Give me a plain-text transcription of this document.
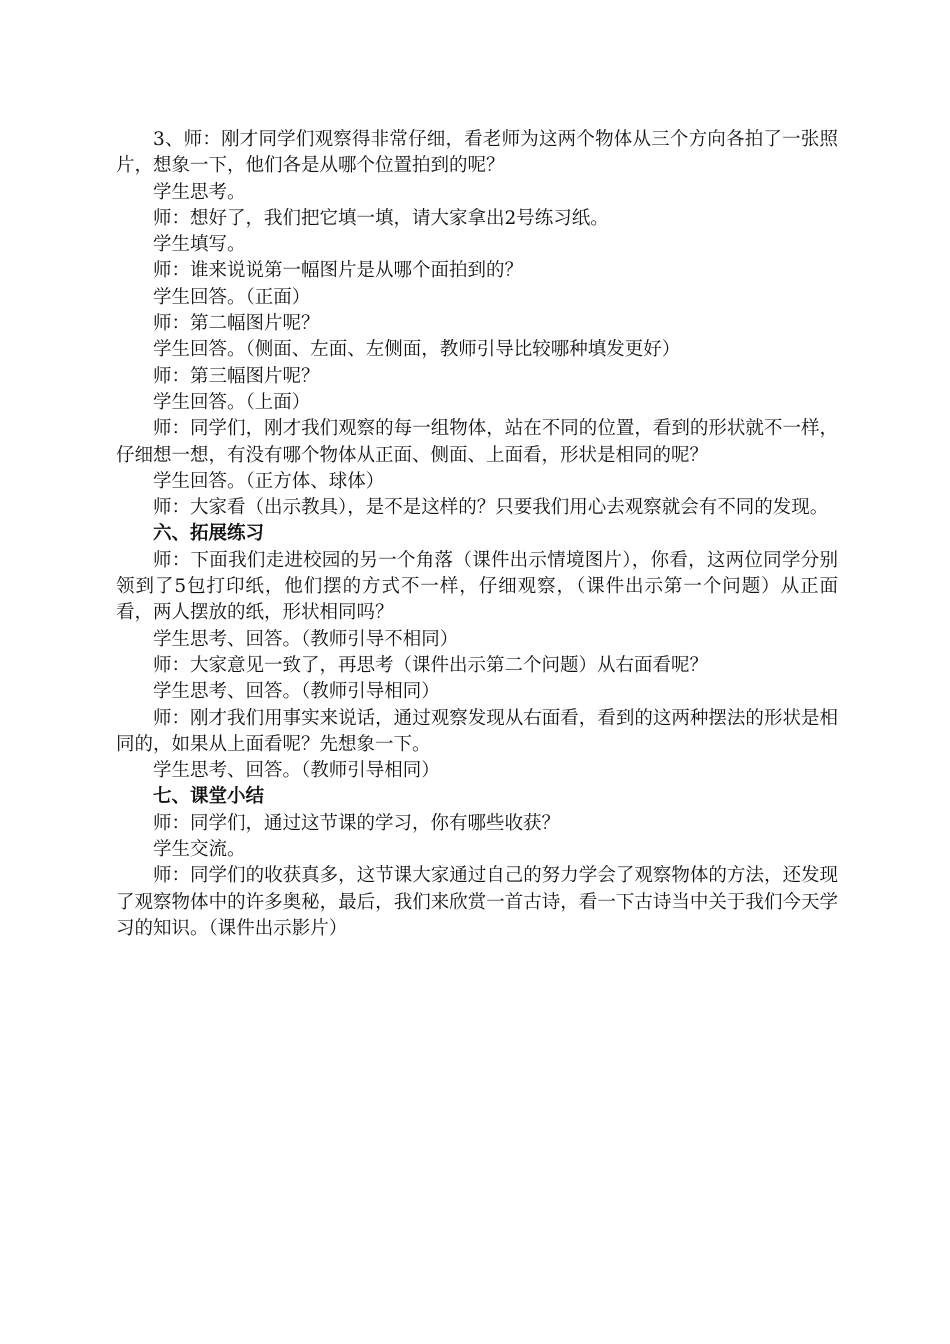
3、师：刚才同学们观察得非常仔细，看老师为这两个物体从三个方向各拍了一张照片，想象一下，他们各是从哪个位置拍到的呢？

学生思考。

师：想好了，我们把它填一填，请大家拿出2号练习纸。

学生填写。

师：谁来说说第一幅图片是从哪个面拍到的？

学生回答。（正面）

师：第二幅图片呢？

学生回答。（侧面、左面、左侧面，教师引导比较哪种填发更好）

师：第三幅图片呢？

学生回答。（上面）

师：同学们，刚才我们观察的每一组物体，站在不同的位置，看到的形状就不一样，仔细想一想，有没有哪个物体从正面、侧面、上面看，形状是相同的呢？

学生回答。（正方体、球体）

师：大家看（出示教具），是不是这样的？只要我们用心去观察就会有不同的发现。

六、拓展练习

师：下面我们走进校园的另一个角落（课件出示情境图片），你看，这两位同学分别领到了5包打印纸，他们摆的方式不一样，仔细观察，（课件出示第一个问题）从正面看，两人摆放的纸，形状相同吗？

学生思考、回答。（教师引导不相同）

师：大家意见一致了，再思考（课件出示第二个问题）从右面看呢？

学生思考、回答。（教师引导相同）

师：刚才我们用事实来说话，通过观察发现从右面看，看到的这两种摆法的形状是相同的，如果从上面看呢？先想象一下。

学生思考、回答。（教师引导相同）

七、课堂小结

师：同学们，通过这节课的学习，你有哪些收获？

学生交流。

师：同学们的收获真多，这节课大家通过自己的努力学会了观察物体的方法，还发现了观察物体中的许多奥秘，最后，我们来欣赏一首古诗，看一下古诗当中关于我们今天学习的知识。（课件出示影片）
